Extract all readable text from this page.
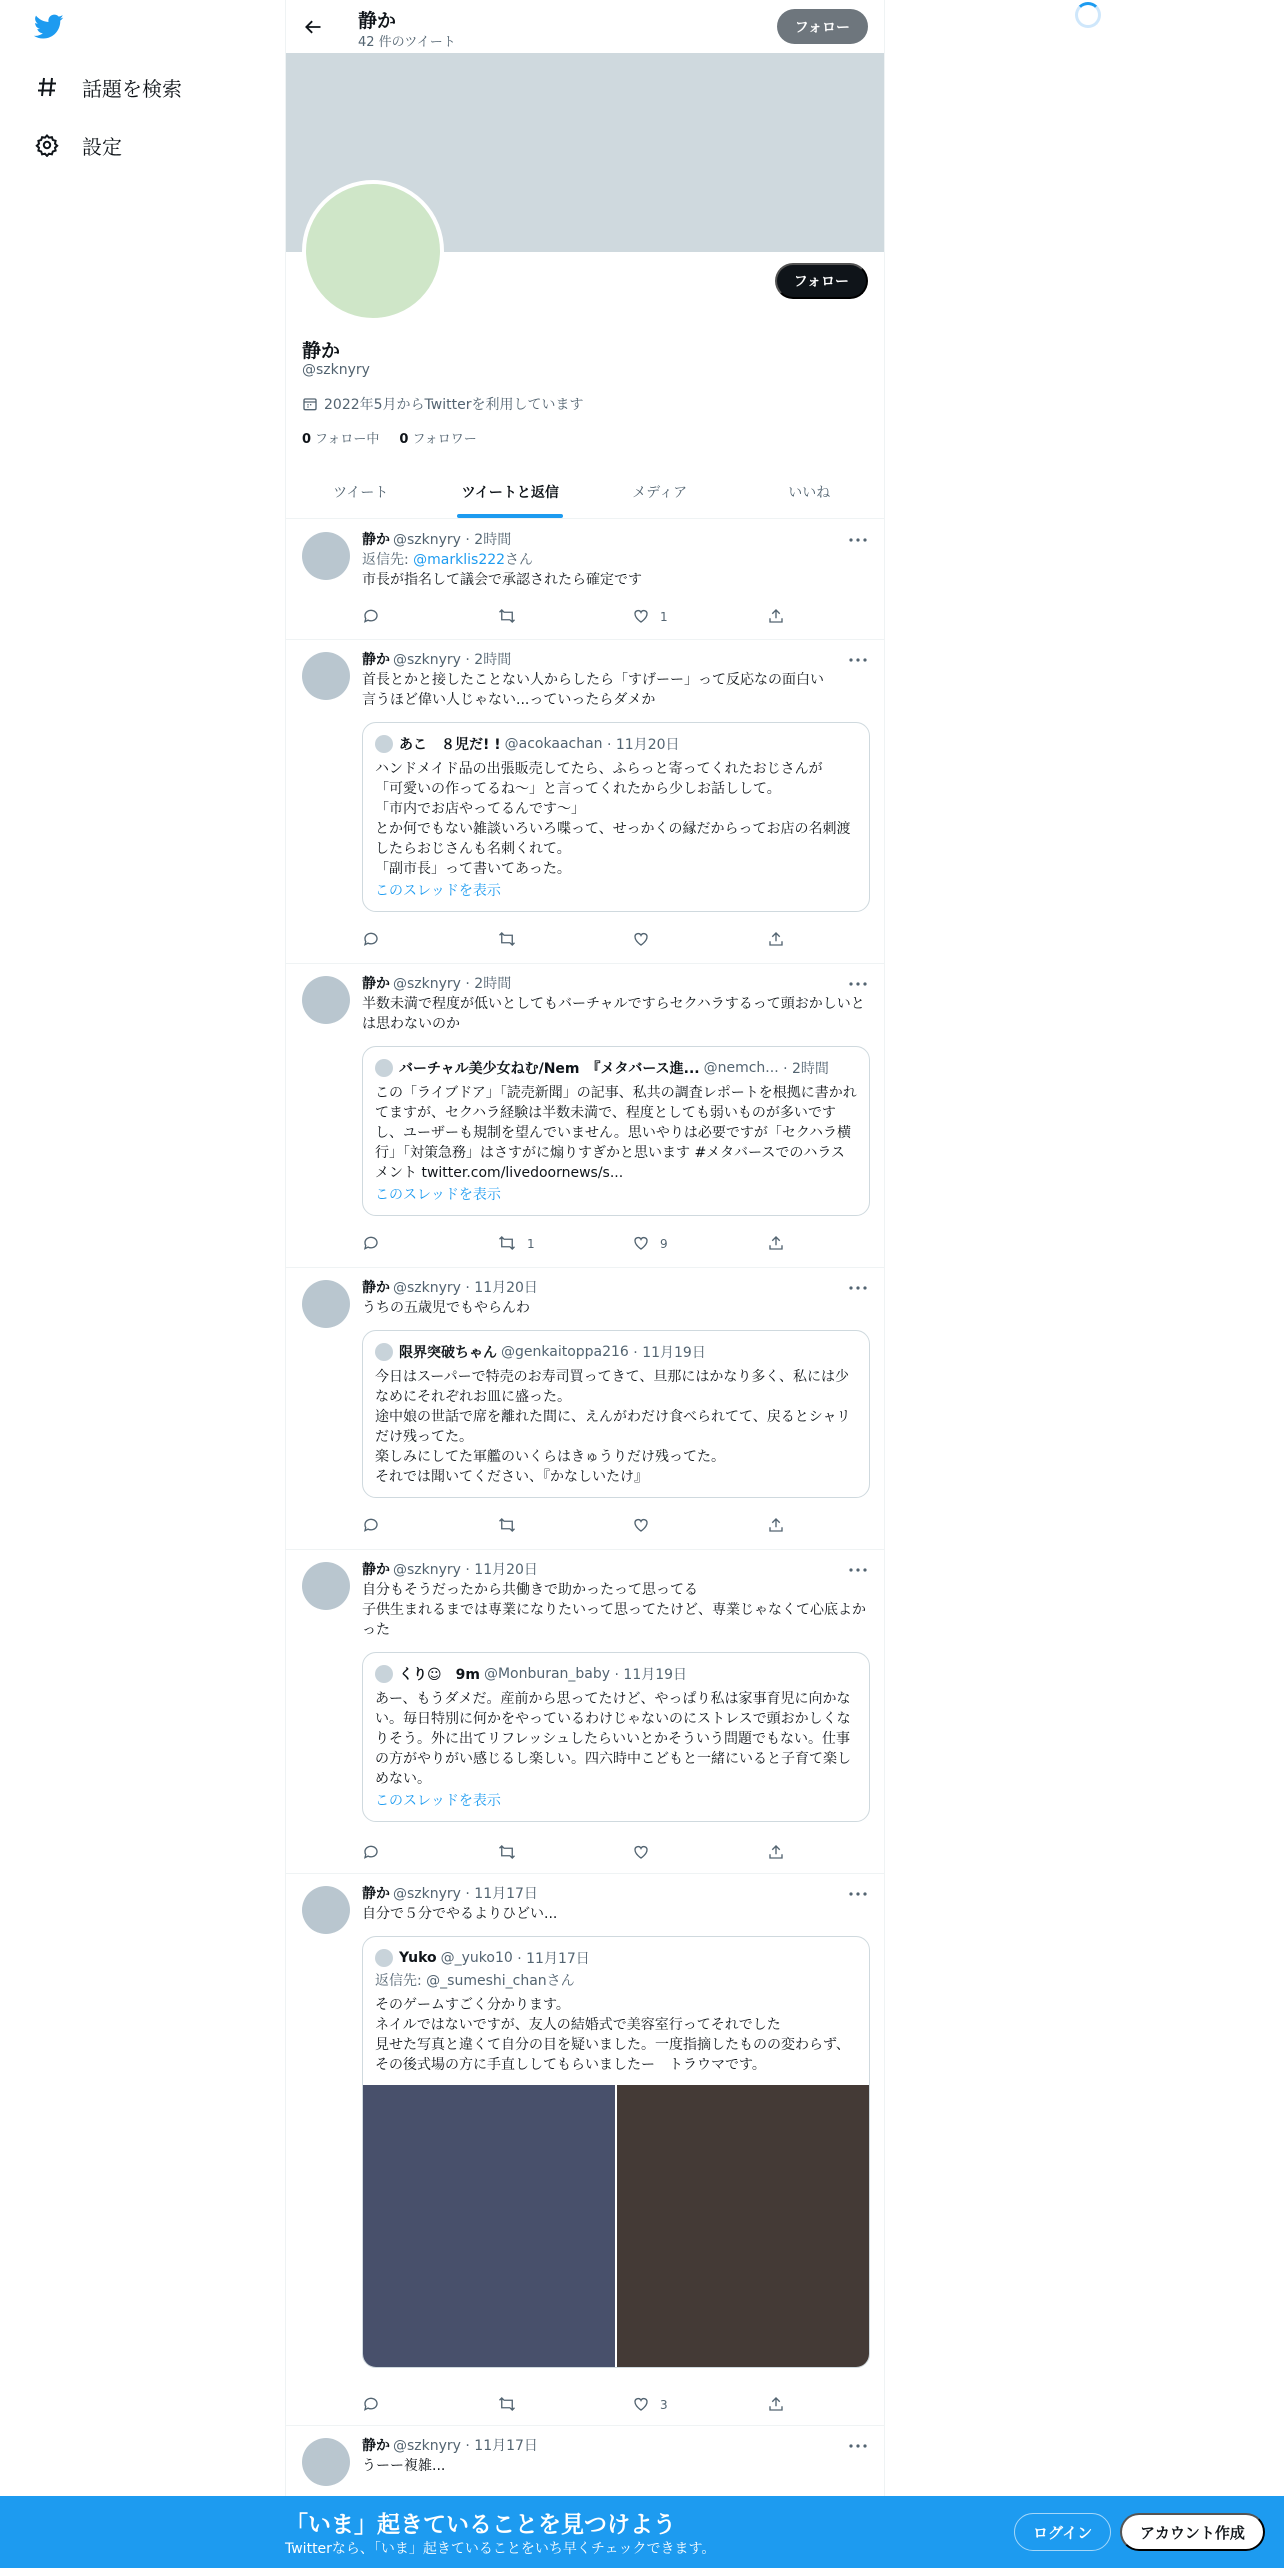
話題を検索
設定
静か
42 件のツイート
フォロー
フォロー
静か
@szknyry
2022年5月からTwitterを利用しています
0 フォロー中 0 フォロワー
ツイート	ツイートと返信	メディア	いいね
静か @szknyry · 2時間
返信先: @marklis222さん
市長が指名して議会で承認されたら確定です
1
静か @szknyry · 2時間
首長とかと接したことない人からしたら「すげーー」って反応なの面白い
言うほど偉い人じゃない...っていったらダメか
あこ　８児だ! ! @acokaachan
· 11月20日
ハンドメイド品の出張販売してたら、ふらっと寄ってくれたおじさんが
「可愛いの作ってるね～」と言ってくれたから少しお話しして。
「市内でお店やってるんです〜」
とか何でもない雑談いろいろ喋って、せっかくの縁だからってお店の名刺渡したらおじさんも名刺くれて。
「副市長」って書いてあった。
このスレッドを表示
静か @szknyry · 2時間
半数未満で程度が低いとしてもバーチャルですらセクハラするって頭おかしいとは思わないのか
バーチャル美少女ねむ/Nem　『メタバース進... @nemch...
· 2時間
この「ライブドア」「読売新聞」の記事、私共の調査レポートを根拠に書かれてますが、セクハラ経験は半数未満で、程度としても弱いものが多いですし、ユーザーも規制を望んでいません。思いやりは必要ですが「セクハラ横行」「対策急務」はさすがに煽りすぎかと思います #メタバースでのハラスメント twitter.com/livedoornews/s...
このスレッドを表示
1	9
静か @szknyry · 11月20日
うちの五歳児でもやらんわ
限界突破ちゃん @genkaitoppa216
· 11月19日
今日はスーパーで特売のお寿司買ってきて、旦那にはかなり多く、私には少なめにそれぞれお皿に盛った。
途中娘の世話で席を離れた間に、えんがわだけ食べられてて、戻るとシャリだけ残ってた。
楽しみにしてた軍艦のいくらはきゅうりだけ残ってた。
それでは聞いてください、『かなしいたけ』
静か @szknyry · 11月20日
自分もそうだったから共働きで助かったって思ってる
子供生まれるまでは専業になりたいって思ってたけど、専業じゃなくて心底よかった
くり☺︎　9m @Monburan_baby
· 11月19日
あー、もうダメだ。産前から思ってたけど、やっぱり私は家事育児に向かない。毎日特別に何かをやっているわけじゃないのにストレスで頭おかしくなりそう。外に出てリフレッシュしたらいいとかそういう問題でもない。仕事の方がやりがい感じるし楽しい。四六時中こどもと一緒にいると子育て楽しめない。
このスレッドを表示
静か @szknyry · 11月17日
自分で５分でやるよりひどい...
Yuko @_yuko10
· 11月17日
返信先: @_sumeshi_chanさん
そのゲームすごく分かります。
ネイルではないですが、友人の結婚式で美容室行ってそれでした
見せた写真と違くて自分の目を疑いました。一度指摘したものの変わらず、その後式場の方に手直ししてもらいましたー　トラウマです。
3
静か @szknyry · 11月17日
うーー複雑...
「いま」起きていることを見つけよう
Twitterなら、「いま」起きていることをいち早くチェックできます。
ログイン	アカウント作成
